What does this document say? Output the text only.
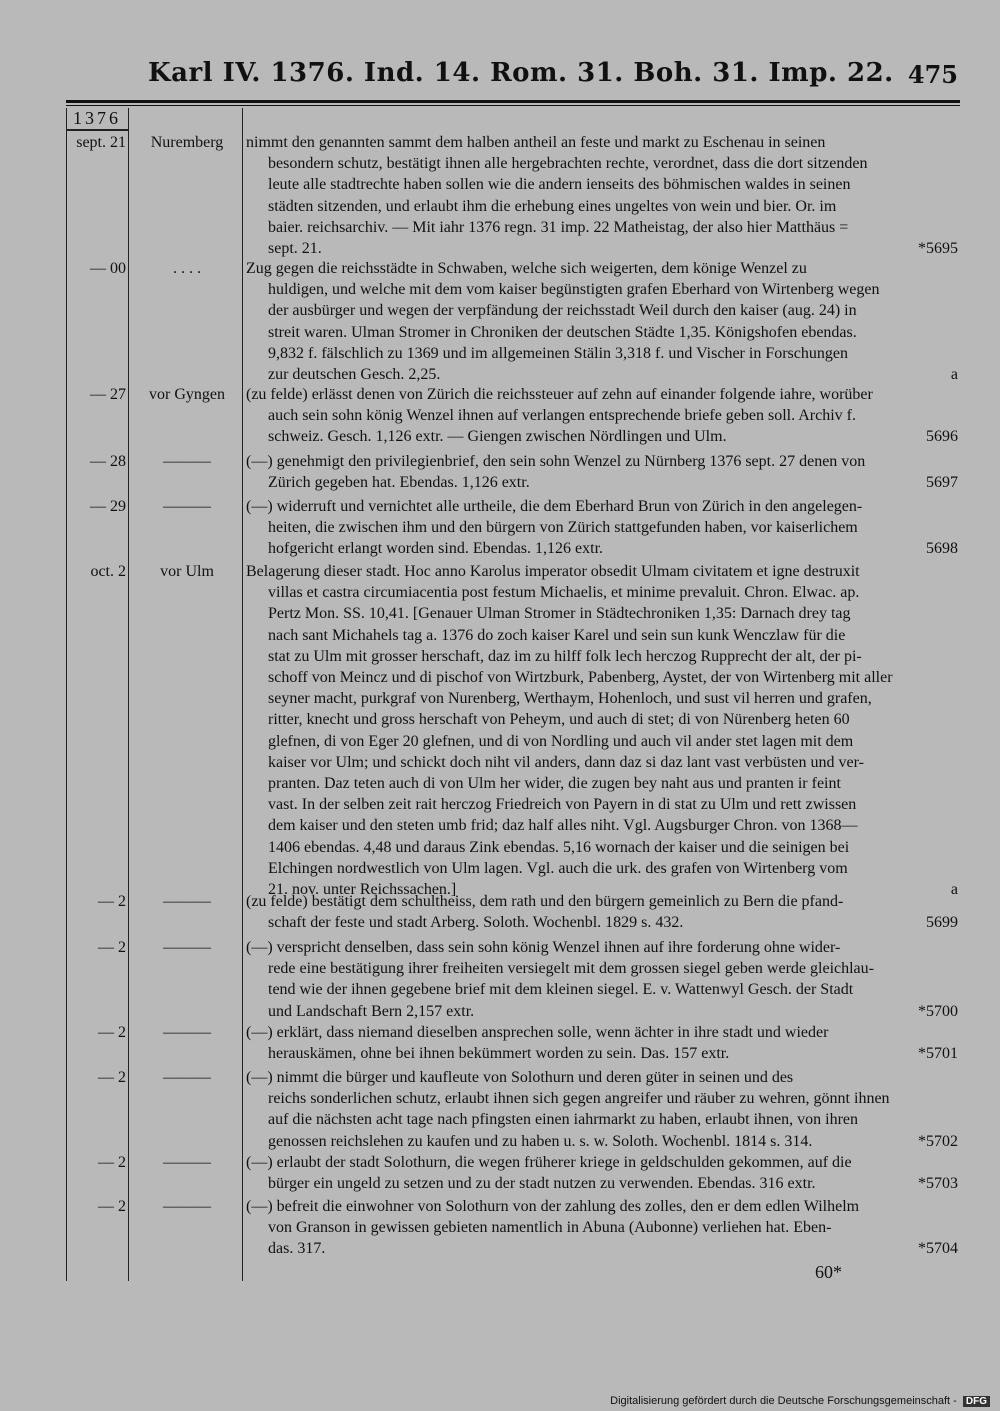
Karl IV. 1376. Ind. 14. Rom. 31. Boh. 31. Imp. 22. 475
1376
sept. 21	Nuremberg	nimmt den genannten sammt dem halben antheil an feste und markt zu Eschenau in seinen
besondern schutz, bestätigt ihnen alle hergebrachten rechte, verordnet, dass die dort sitzenden
leute alle stadtrechte haben sollen wie die andern ienseits des böhmischen waldes in seinen
städten sitzenden, und erlaubt ihm die erhebung eines ungeltes von wein und bier. Or. im
baier. reichsarchiv. — Mit iahr 1376 regn. 31 imp. 22 Matheistag, der also hier Matthäus =
sept. 21.	*5695
— 00	. . . .	Zug gegen die reichsstädte in Schwaben, welche sich weigerten, dem könige Wenzel zu
huldigen, und welche mit dem vom kaiser begünstigten grafen Eberhard von Wirtenberg wegen
der ausbürger und wegen der verpfändung der reichsstadt Weil durch den kaiser (aug. 24) in
streit waren. Ulman Stromer in Chroniken der deutschen Städte 1,35. Königshofen ebendas.
9,832 f. fälschlich zu 1369 und im allgemeinen Stälin 3,318 f. und Vischer in Forschungen
zur deutschen Gesch. 2,25.	a
— 27	vor Gyngen	(zu felde) erlässt denen von Zürich die reichssteuer auf zehn auf einander folgende iahre, worüber
auch sein sohn könig Wenzel ihnen auf verlangen entsprechende briefe geben soll. Archiv f.
schweiz. Gesch. 1,126 extr. — Giengen zwischen Nördlingen und Ulm.	5696
— 28	———	(—) genehmigt den privilegienbrief, den sein sohn Wenzel zu Nürnberg 1376 sept. 27 denen von
Zürich gegeben hat. Ebendas. 1,126 extr.	5697
— 29	———	(—) widerruft und vernichtet alle urtheile, die dem Eberhard Brun von Zürich in den angelegen-
heiten, die zwischen ihm und den bürgern von Zürich stattgefunden haben, vor kaiserlichem
hofgericht erlangt worden sind. Ebendas. 1,126 extr.	5698
oct. 2	vor Ulm	Belagerung dieser stadt. Hoc anno Karolus imperator obsedit Ulmam civitatem et igne destruxit
villas et castra circumiacentia post festum Michaelis, et minime prevaluit. Chron. Elwac. ap.
Pertz Mon. SS. 10,41. [Genauer Ulman Stromer in Städtechroniken 1,35: Darnach drey tag
nach sant Michahels tag a. 1376 do zoch kaiser Karel und sein sun kunk Wenczlaw für die
stat zu Ulm mit grosser herschaft, daz im zu hilff folk lech herczog Rupprecht der alt, der pi-
schoff von Meincz und di pischof von Wirtzburk, Pabenberg, Aystet, der von Wirtenberg mit aller
seyner macht, purkgraf von Nurenberg, Werthaym, Hohenloch, und sust vil herren und grafen,
ritter, knecht und gross herschaft von Peheym, und auch di stet; di von Nürenberg heten 60
glefnen, di von Eger 20 glefnen, und di von Nordling und auch vil ander stet lagen mit dem
kaiser vor Ulm; und schickt doch niht vil anders, dann daz si daz lant vast verbüsten und ver-
pranten. Daz teten auch di von Ulm her wider, die zugen bey naht aus und pranten ir feint
vast. In der selben zeit rait herczog Friedreich von Payern in di stat zu Ulm und rett zwissen
dem kaiser und den steten umb frid; daz half alles niht. Vgl. Augsburger Chron. von 1368—
1406 ebendas. 4,48 und daraus Zink ebendas. 5,16 wornach der kaiser und die seinigen bei
Elchingen nordwestlich von Ulm lagen. Vgl. auch die urk. des grafen von Wirtenberg vom
21. nov. unter Reichssachen.]	a
— 2	———	(zu felde) bestätigt dem schultheiss, dem rath und den bürgern gemeinlich zu Bern die pfand-
schaft der feste und stadt Arberg. Soloth. Wochenbl. 1829 s. 432.	5699
— 2	———	(—) verspricht denselben, dass sein sohn könig Wenzel ihnen auf ihre forderung ohne wider-
rede eine bestätigung ihrer freiheiten versiegelt mit dem grossen siegel geben werde gleichlau-
tend wie der ihnen gegebene brief mit dem kleinen siegel. E. v. Wattenwyl Gesch. der Stadt
und Landschaft Bern 2,157 extr.	*5700
— 2	———	(—) erklärt, dass niemand dieselben ansprechen solle, wenn ächter in ihre stadt und wieder
herauskämen, ohne bei ihnen bekümmert worden zu sein. Das. 157 extr.	*5701
— 2	———	(—) nimmt die bürger und kaufleute von Solothurn und deren güter in seinen und des
reichs sonderlichen schutz, erlaubt ihnen sich gegen angreifer und räuber zu wehren, gönnt ihnen
auf die nächsten acht tage nach pfingsten einen iahrmarkt zu haben, erlaubt ihnen, von ihren
genossen reichslehen zu kaufen und zu haben u. s. w. Soloth. Wochenbl. 1814 s. 314.	*5702
— 2	———	(—) erlaubt der stadt Solothurn, die wegen früherer kriege in geldschulden gekommen, auf die
bürger ein ungeld zu setzen und zu der stadt nutzen zu verwenden. Ebendas. 316 extr.	*5703
— 2	———	(—) befreit die einwohner von Solothurn von der zahlung des zolles, den er dem edlen Wilhelm
von Granson in gewissen gebieten namentlich in Abuna (Aubonne) verliehen hat. Eben-
das. 317.	*5704
60*
Digitalisierung gefördert durch die Deutsche Forschungsgemeinschaft - DFG
